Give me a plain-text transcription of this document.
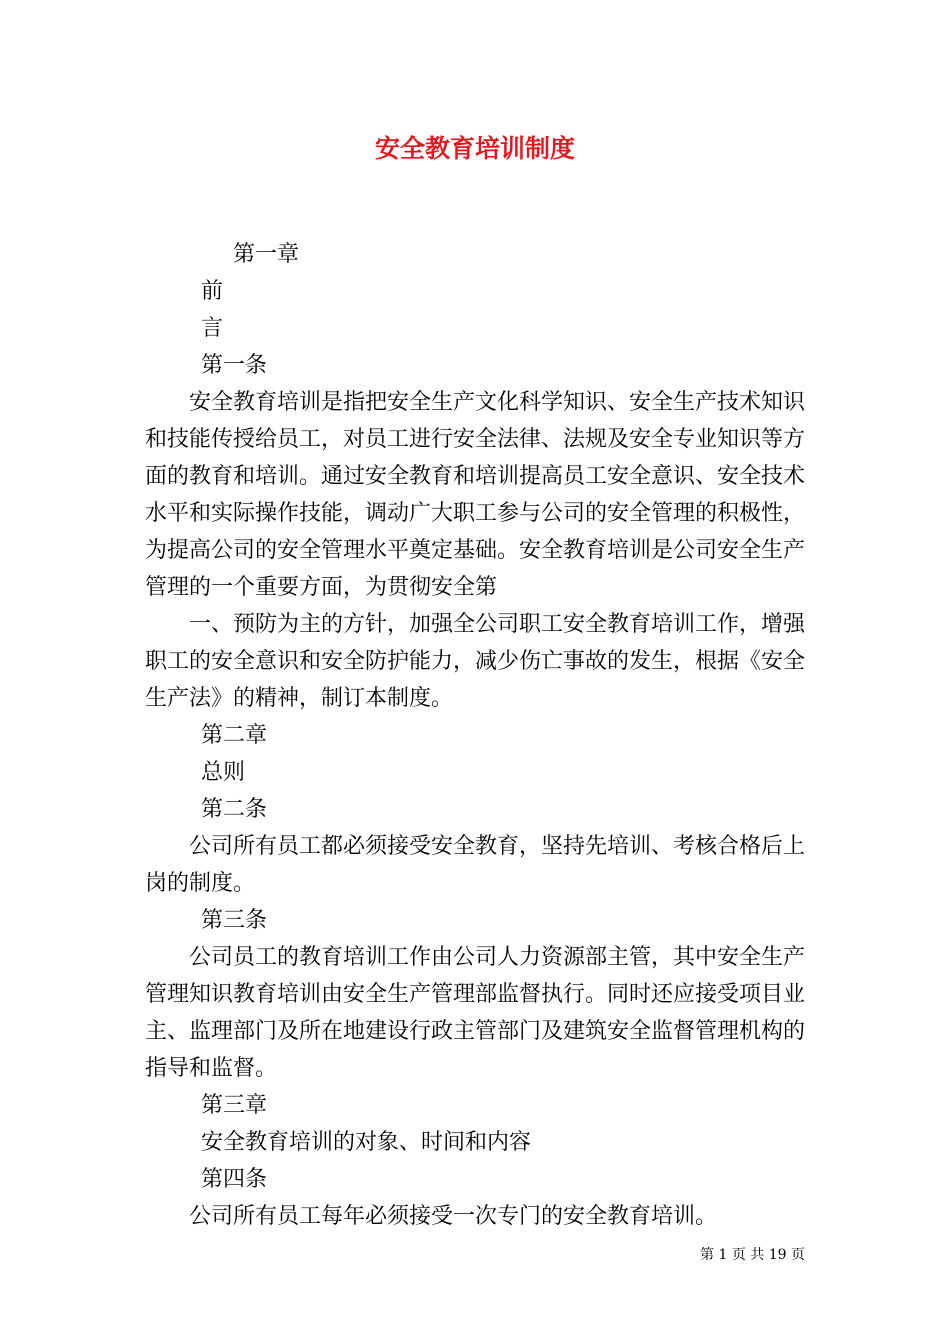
安全教育培训制度
第一章
前
言
第一条

安全教育培训是指把安全生产文化科学知识、安全生产技术知识和技能传授给员工，对员工进行安全法律、法规及安全专业知识等方面的教育和培训。通过安全教育和培训提高员工安全意识、安全技术水平和实际操作技能，调动广大职工参与公司的安全管理的积极性，为提高公司的安全管理水平奠定基础。安全教育培训是公司安全生产管理的一个重要方面，为贯彻安全第

一、预防为主的方针，加强全公司职工安全教育培训工作，增强职工的安全意识和安全防护能力，减少伤亡事故的发生，根据《安全生产法》的精神，制订本制度。

第二章
总则
第二条

公司所有员工都必须接受安全教育，坚持先培训、考核合格后上岗的制度。

第三条

公司员工的教育培训工作由公司人力资源部主管，其中安全生产管理知识教育培训由安全生产管理部监督执行。同时还应接受项目业主、监理部门及所在地建设行政主管部门及建筑安全监督管理机构的指导和监督。

第三章
安全教育培训的对象、时间和内容
第四条

公司所有员工每年必须接受一次专门的安全教育培训。

第 1 页 共 19 页
